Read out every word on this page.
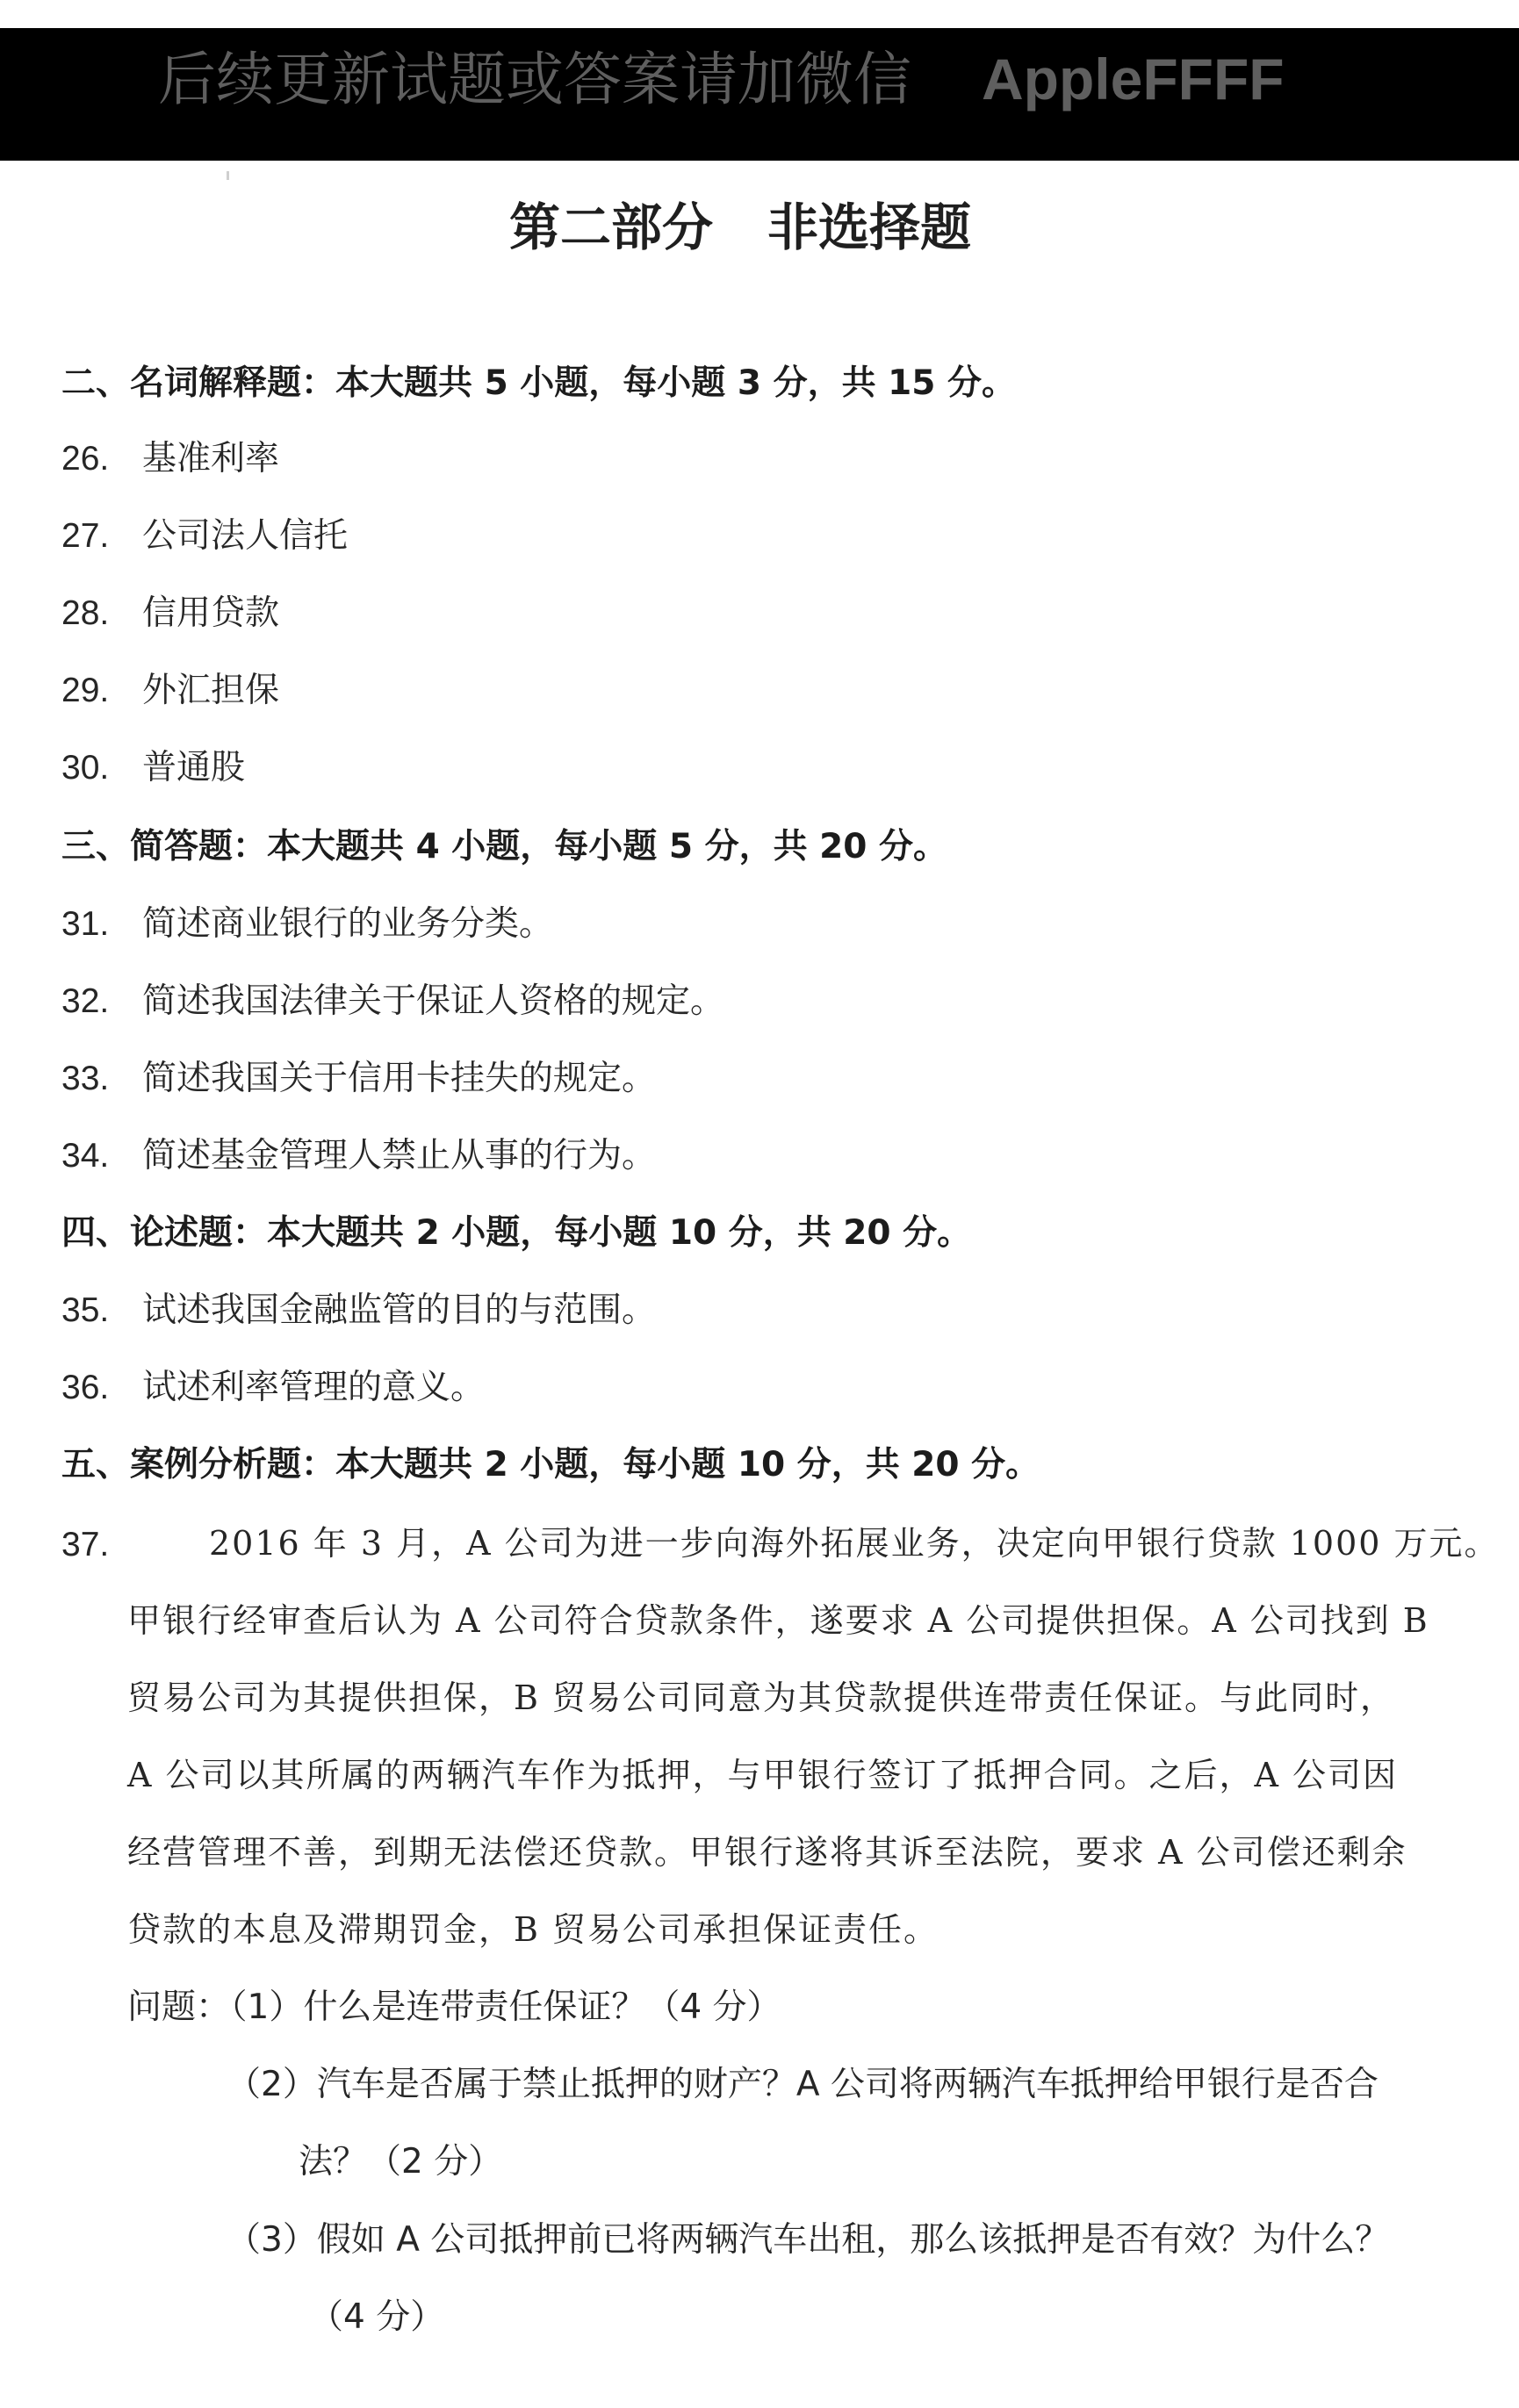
后续更新试题或答案请加微信 AppleFFFF
第二部分 非选择题
二、名词解释题：本大题共 5 小题，每小题 3 分，共 15 分。
26. 基准利率
27. 公司法人信托
28. 信用贷款
29. 外汇担保
30. 普通股
三、简答题：本大题共 4 小题，每小题 5 分，共 20 分。
31. 简述商业银行的业务分类。
32. 简述我国法律关于保证人资格的规定。
33. 简述我国关于信用卡挂失的规定。
34. 简述基金管理人禁止从事的行为。
四、论述题：本大题共 2 小题，每小题 10 分，共 20 分。
35. 试述我国金融监管的目的与范围。
36. 试述利率管理的意义。
五、案例分析题：本大题共 2 小题，每小题 10 分，共 20 分。
37.	2016 年 3 月，A 公司为进一步向海外拓展业务，决定向甲银行贷款 1000 万元。
甲银行经审查后认为 A 公司符合贷款条件，遂要求 A 公司提供担保。A 公司找到 B
贸易公司为其提供担保，B 贸易公司同意为其贷款提供连带责任保证。与此同时，
A 公司以其所属的两辆汽车作为抵押，与甲银行签订了抵押合同。之后，A 公司因
经营管理不善，到期无法偿还贷款。甲银行遂将其诉至法院，要求 A 公司偿还剩余
贷款的本息及滞期罚金，B 贸易公司承担保证责任。
问题：（1）什么是连带责任保证？（4 分）
（2）汽车是否属于禁止抵押的财产？A 公司将两辆汽车抵押给甲银行是否合
法？（2 分）
（3）假如 A 公司抵押前已将两辆汽车出租，那么该抵押是否有效？为什么？
（4 分）
